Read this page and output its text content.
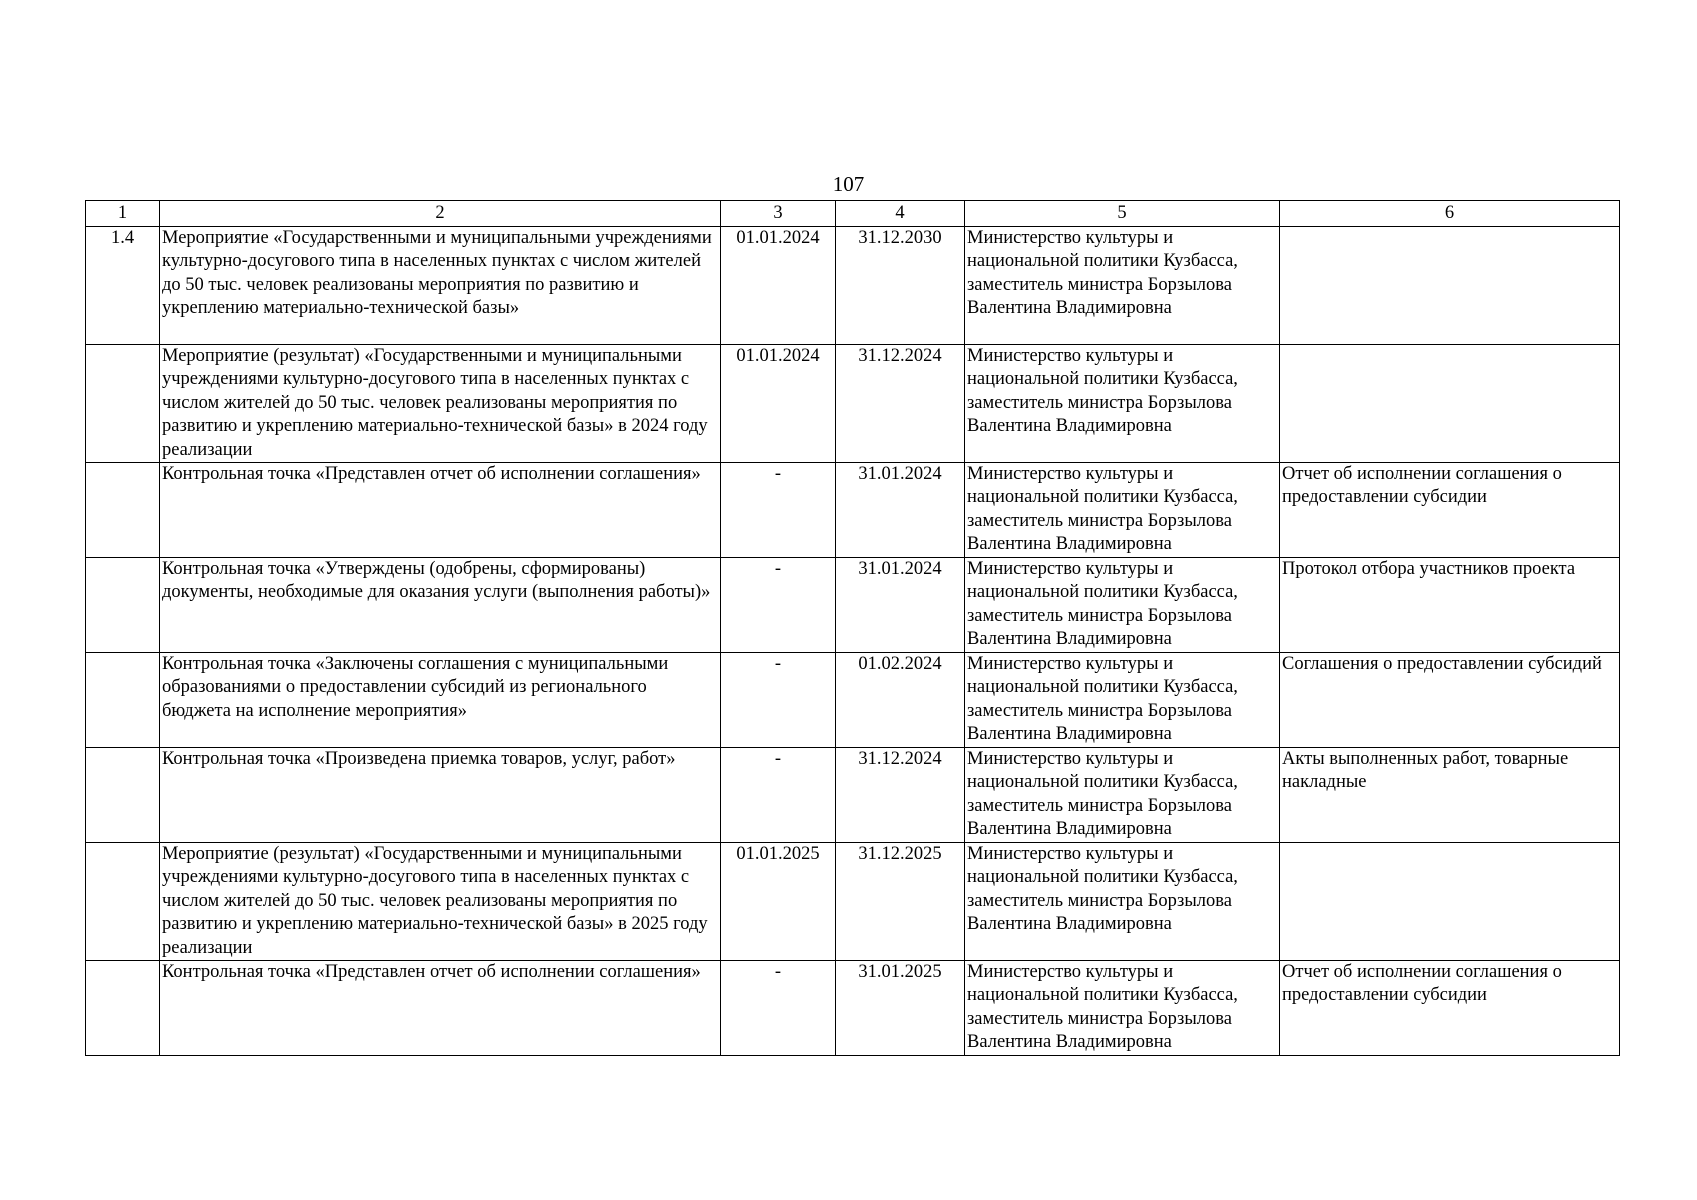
107
1	2	3	4	5	6
1.4	Мероприятие «Государственными и муниципальными учреждениями культурно-досугового типа в населенных пунктах с числом жителей до 50 тыс. человек реализованы мероприятия по развитию и укреплению материально-технической базы»	01.01.2024	31.12.2030	Министерство культуры и национальной политики Кузбасса, заместитель министра Борзылова Валентина Владимировна	
	Мероприятие (результат) «Государственными и муниципальными учреждениями культурно-досугового типа в населенных пунктах с числом жителей до 50 тыс. человек реализованы мероприятия по развитию и укреплению материально-технической базы» в 2024 году реализации	01.01.2024	31.12.2024	Министерство культуры и национальной политики Кузбасса, заместитель министра Борзылова Валентина Владимировна	
	Контрольная точка «Представлен отчет об исполнении соглашения»	-	31.01.2024	Министерство культуры и национальной политики Кузбасса, заместитель министра Борзылова Валентина Владимировна	Отчет об исполнении соглашения о предоставлении субсидии
	Контрольная точка «Утверждены (одобрены, сформированы) документы, необходимые для оказания услуги (выполнения работы)»	-	31.01.2024	Министерство культуры и национальной политики Кузбасса, заместитель министра Борзылова Валентина Владимировна	Протокол отбора участников проекта
	Контрольная точка «Заключены соглашения с муниципальными образованиями о предоставлении субсидий из регионального бюджета на исполнение мероприятия»	-	01.02.2024	Министерство культуры и национальной политики Кузбасса, заместитель министра Борзылова Валентина Владимировна	Соглашения о предоставлении субсидий
	Контрольная точка «Произведена приемка товаров, услуг, работ»	-	31.12.2024	Министерство культуры и национальной политики Кузбасса, заместитель министра Борзылова Валентина Владимировна	Акты выполненных работ, товарные накладные
	Мероприятие (результат) «Государственными и муниципальными учреждениями культурно-досугового типа в населенных пунктах с числом жителей до 50 тыс. человек реализованы мероприятия по развитию и укреплению материально-технической базы» в 2025 году реализации	01.01.2025	31.12.2025	Министерство культуры и национальной политики Кузбасса, заместитель министра Борзылова Валентина Владимировна	
	Контрольная точка «Представлен отчет об исполнении соглашения»	-	31.01.2025	Министерство культуры и национальной политики Кузбасса, заместитель министра Борзылова Валентина Владимировна	Отчет об исполнении соглашения о предоставлении субсидии
